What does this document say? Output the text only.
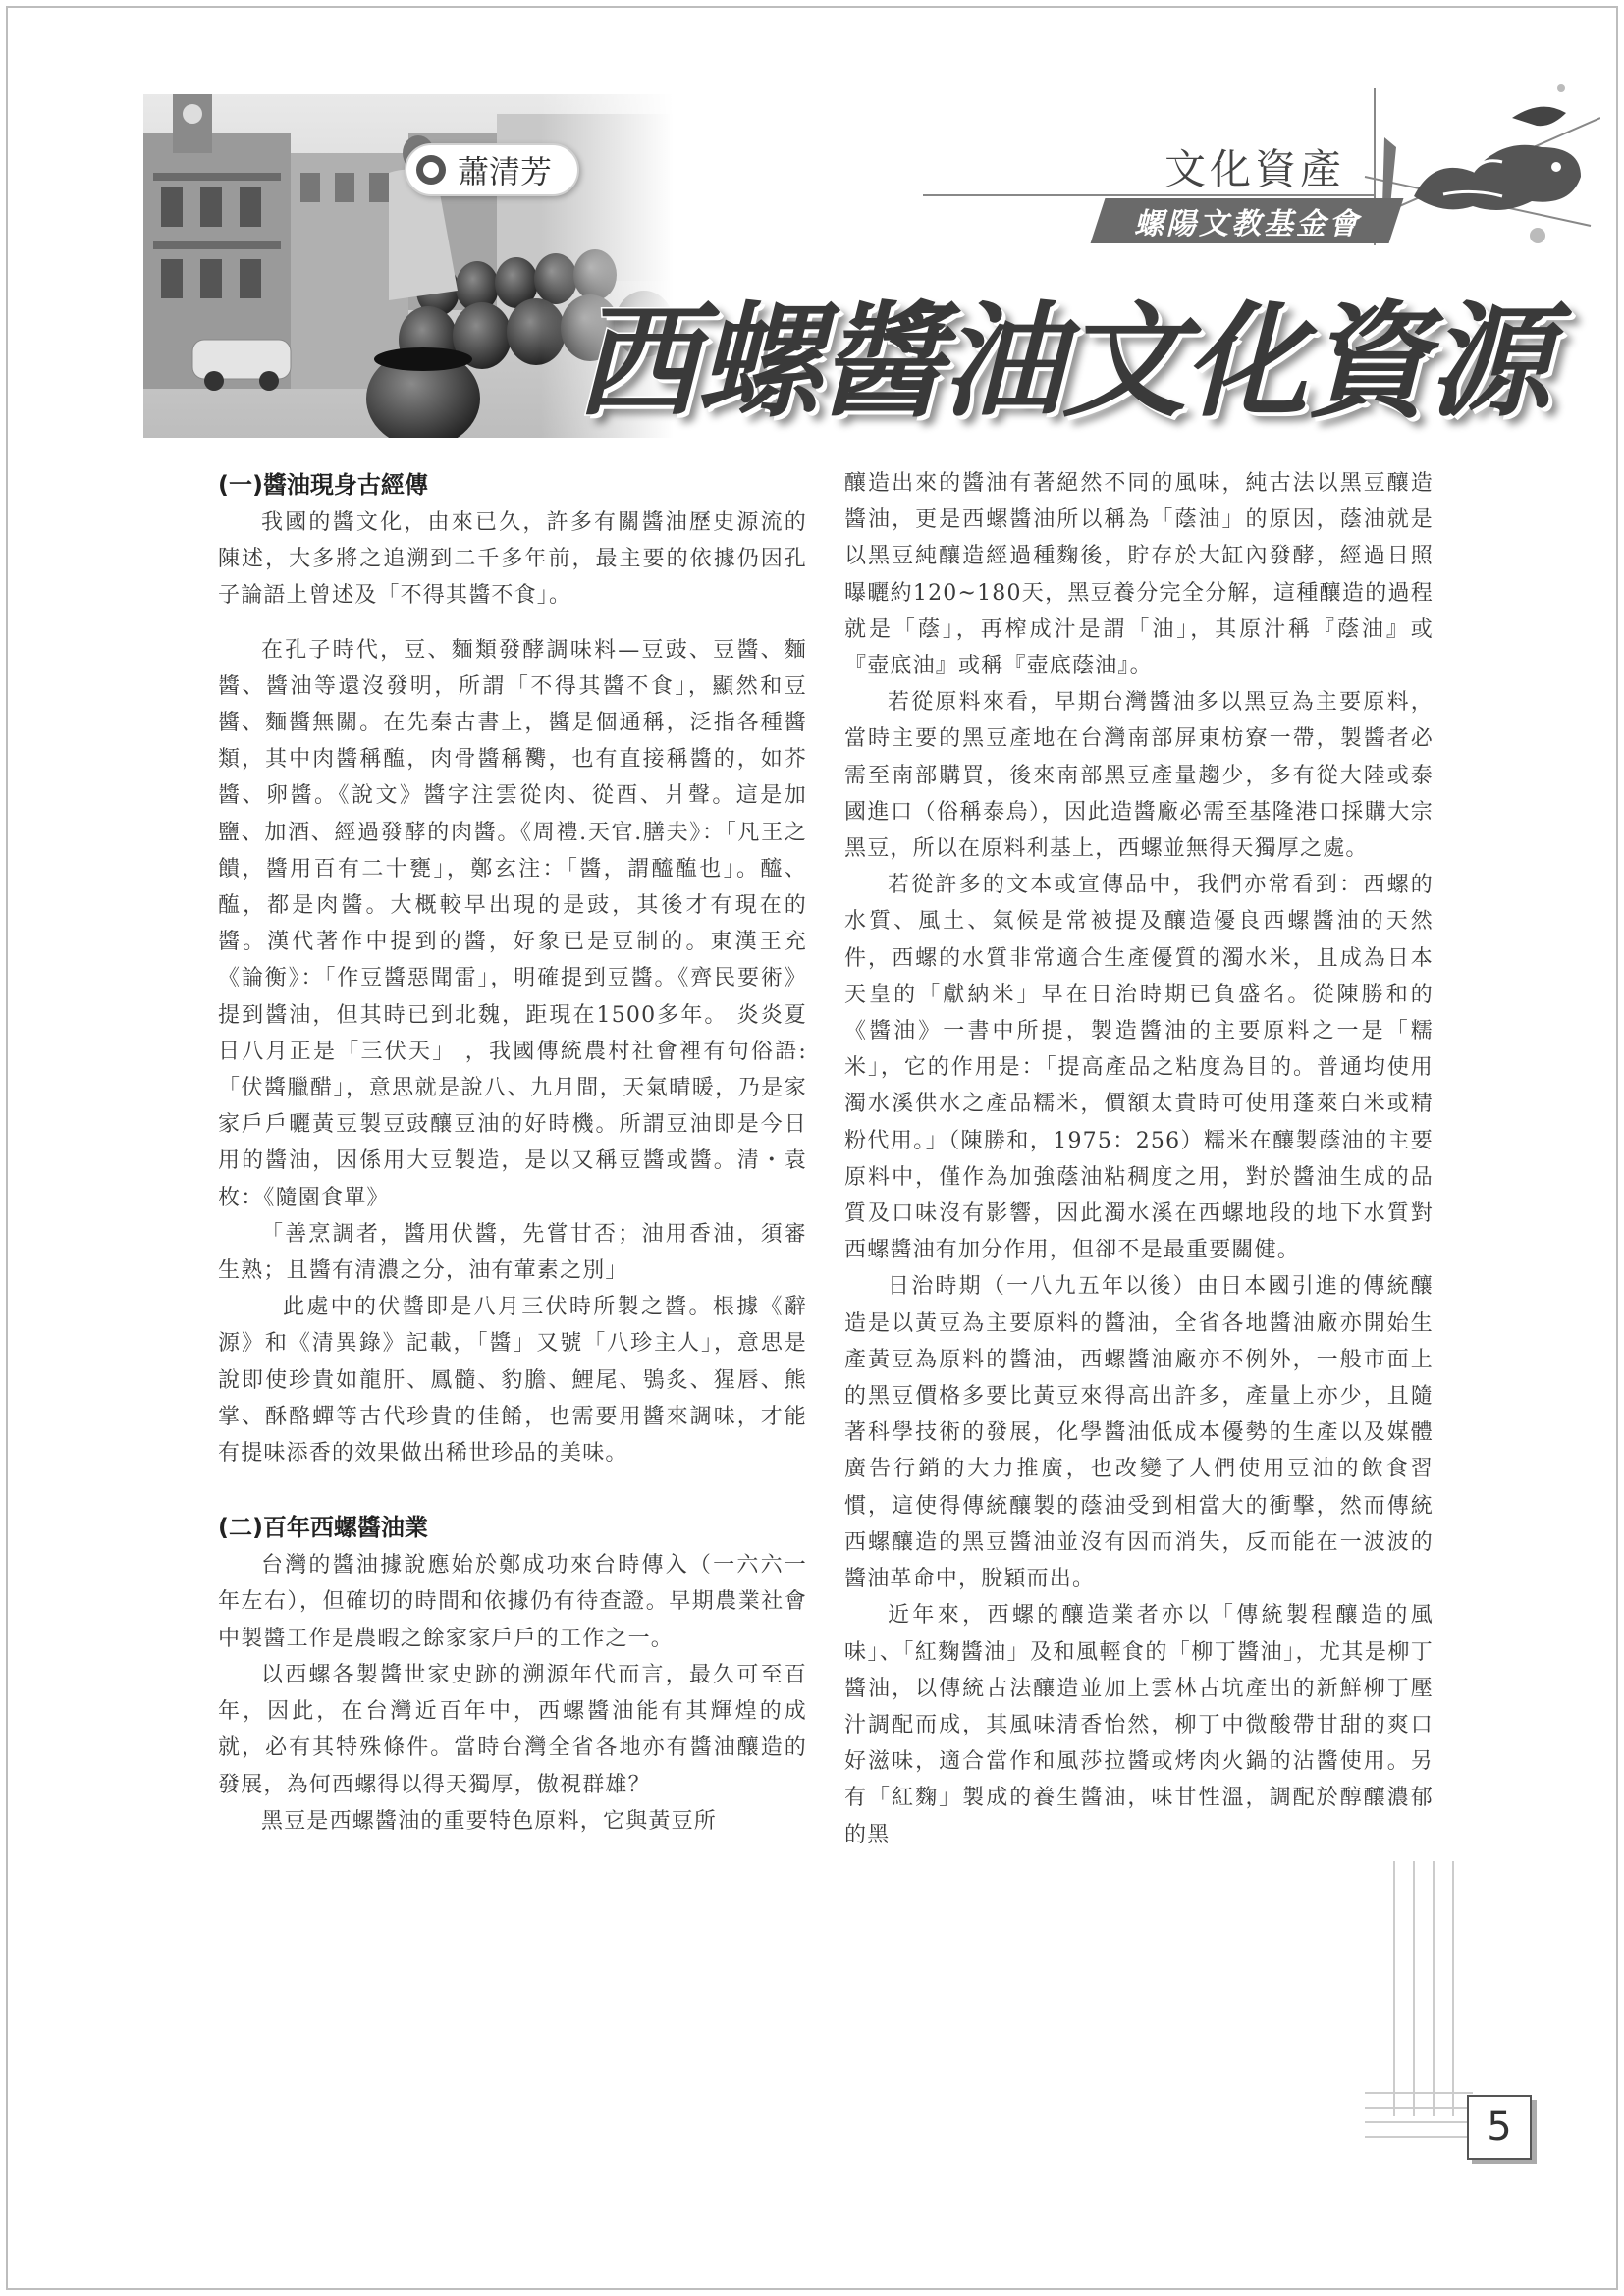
蕭清芳	文化資產
螺陽文教基金會
西螺醬油文化資源
(一)醬油現身古經傳

我國的醬文化，由來已久，許多有關醬油歷史源流的陳述，大多將之追溯到二千多年前，最主要的依據仍因孔子論語上曾述及「不得其醬不食」。

在孔子時代，豆、麵類發酵調味料—豆豉、豆醬、麵醬、醬油等還沒發明，所謂「不得其醬不食」，顯然和豆醬、麵醬無關。在先秦古書上，醬是個通稱，泛指各種醬類，其中肉醬稱醢，肉骨醬稱臡，也有直接稱醬的，如芥醬、卵醬。《說文》醬字注雲從肉、從酉、爿聲。這是加鹽、加酒、經過發酵的肉醬。《周禮.天官.膳夫》：「凡王之饋，醬用百有二十甕」，鄭玄注：「醬，謂醯醢也」。醯、醢，都是肉醬。大概較早出現的是豉，其後才有現在的醬。漢代著作中提到的醬，好象已是豆制的。東漢王充《論衡》：「作豆醬惡聞雷」，明確提到豆醬。《齊民要術》提到醬油，但其時已到北魏，距現在1500多年。 炎炎夏日八月正是「三伏天」 ，我國傳統農村社會裡有句俗語:「伏醬臘醋」，意思就是說八、九月間，天氣晴暖，乃是家家戶戶曬黃豆製豆豉釀豆油的好時機。所謂豆油即是今日用的醬油，因係用大豆製造，是以又稱豆醬或醬。清・袁枚：《隨園食單》

「善烹調者，醬用伏醬，先嘗甘否；油用香油，須審生熟；且醬有清濃之分，油有葷素之別」

此處中的伏醬即是八月三伏時所製之醬。根據《辭源》和《清異錄》記載，「醬」又號「八珍主人」，意思是說即使珍貴如龍肝、鳳髓、豹膽、鯉尾、鴞炙、猩唇、熊掌、酥酪蟬等古代珍貴的佳餚，也需要用醬來調味，才能有提味添香的效果做出稀世珍品的美味。

(二)百年西螺醬油業

台灣的醬油據說應始於鄭成功來台時傳入（一六六一年左右），但確切的時間和依據仍有待查證。早期農業社會中製醬工作是農暇之餘家家戶戶的工作之一。

以西螺各製醬世家史跡的溯源年代而言，最久可至百年，因此，在台灣近百年中，西螺醬油能有其輝煌的成就，必有其特殊條件。當時台灣全省各地亦有醬油釀造的發展，為何西螺得以得天獨厚，傲視群雄？

黑豆是西螺醬油的重要特色原料，它與黃豆所

釀造出來的醬油有著絕然不同的風味，純古法以黑豆釀造醬油，更是西螺醬油所以稱為「蔭油」的原因，蔭油就是以黑豆純釀造經過種麴後，貯存於大缸內發酵，經過日照曝曬約120~180天，黑豆養分完全分解，這種釀造的過程就是「蔭」，再榨成汁是謂「油」，其原汁稱『蔭油』或『壺底油』或稱『壺底蔭油』。

若從原料來看，早期台灣醬油多以黑豆為主要原料，當時主要的黑豆產地在台灣南部屏東枋寮一帶，製醬者必需至南部購買，後來南部黑豆產量趨少，多有從大陸或泰國進口（俗稱泰烏），因此造醬廠必需至基隆港口採購大宗黑豆，所以在原料利基上，西螺並無得天獨厚之處。

若從許多的文本或宣傳品中，我們亦常看到：西螺的水質、風土、氣候是常被提及釀造優良西螺醬油的天然件，西螺的水質非常適合生產優質的濁水米，且成為日本天皇的「獻納米」早在日治時期已負盛名。從陳勝和的《醬油》一書中所提，製造醬油的主要原料之一是「糯米」，它的作用是：「提高產品之粘度為目的。普通均使用濁水溪供水之產品糯米，價額太貴時可使用蓬萊白米或精粉代用。」（陳勝和，1975：256）糯米在釀製蔭油的主要原料中，僅作為加強蔭油粘稠度之用，對於醬油生成的品質及口味沒有影響，因此濁水溪在西螺地段的地下水質對西螺醬油有加分作用，但卻不是最重要關健。

日治時期（一八九五年以後）由日本國引進的傳統釀造是以黃豆為主要原料的醬油，全省各地醬油廠亦開始生產黃豆為原料的醬油，西螺醬油廠亦不例外，一般市面上的黑豆價格多要比黃豆來得高出許多，產量上亦少，且隨著科學技術的發展，化學醬油低成本優勢的生產以及媒體廣告行銷的大力推廣，也改變了人們使用豆油的飲食習慣，這使得傳統釀製的蔭油受到相當大的衝擊，然而傳統西螺釀造的黑豆醬油並沒有因而消失，反而能在一波波的醬油革命中，脫穎而出。

近年來，西螺的釀造業者亦以「傳統製程釀造的風味」、「紅麴醬油」及和風輕食的「柳丁醬油」，尤其是柳丁醬油，以傳統古法釀造並加上雲林古坑產出的新鮮柳丁壓汁調配而成，其風味清香怡然，柳丁中微酸帶甘甜的爽口好滋味，適合當作和風莎拉醬或烤肉火鍋的沾醬使用。另有「紅麴」製成的養生醬油，味甘性溫，調配於醇釀濃郁的黑

5
